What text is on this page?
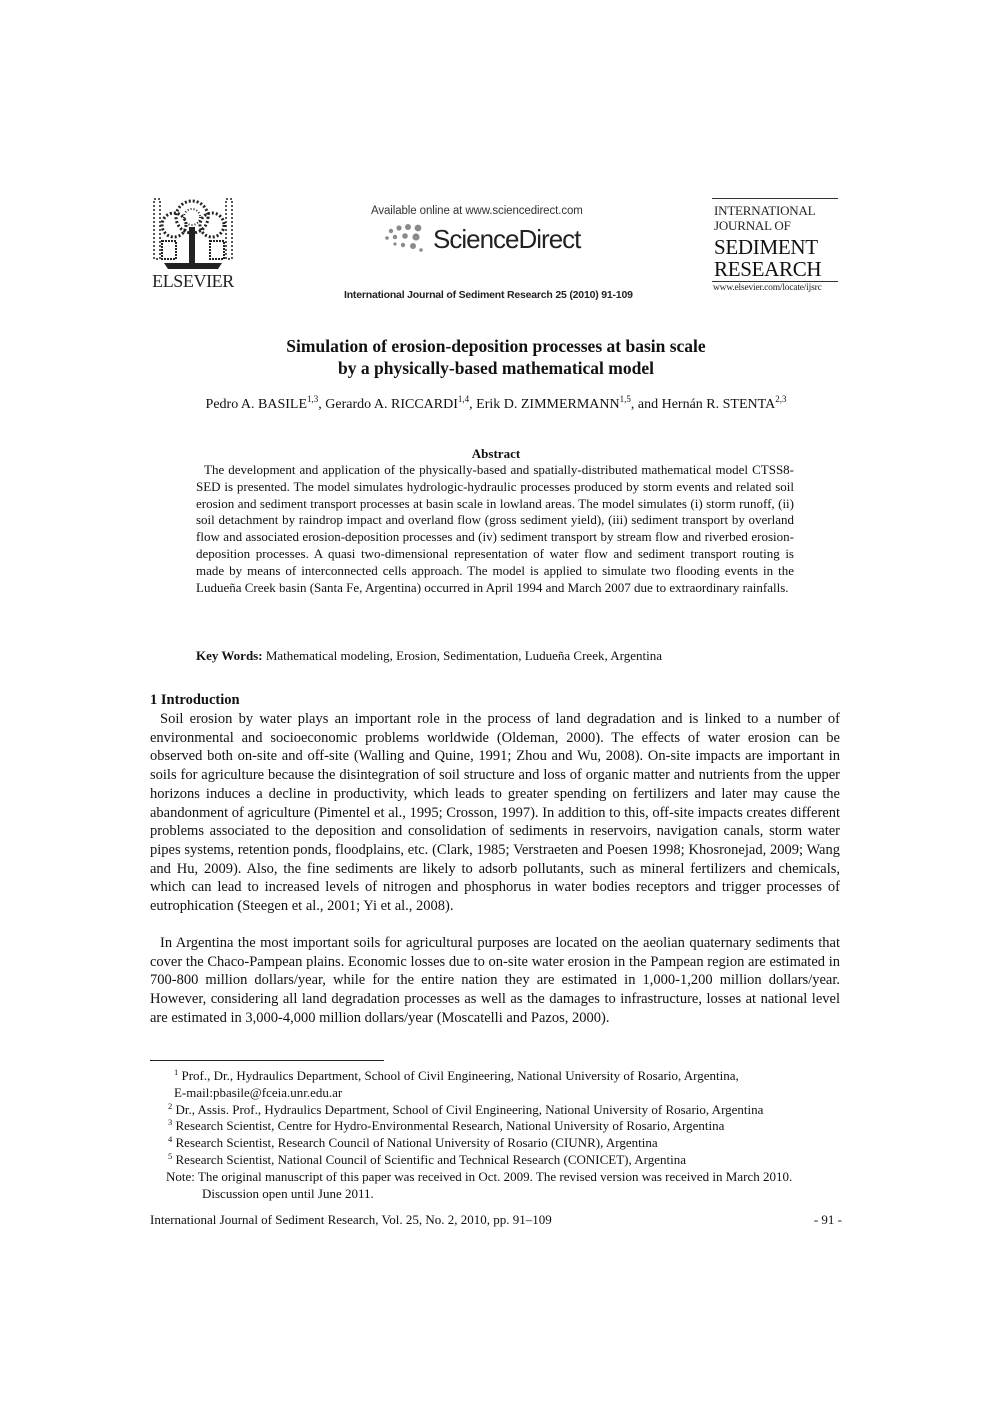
ELSEVIER
Available online at www.sciencedirect.com
ScienceDirect
International Journal of Sediment Research 25 (2010) 91-109
INTERNATIONAL
JOURNAL OF
SEDIMENT
RESEARCH
www.elsevier.com/locate/ijsrc
Simulation of erosion-deposition processes at basin scale
by a physically-based mathematical model
Pedro A. BASILE$^{1,3}$, Gerardo A. RICCARDI$^{1,4}$, Erik D. ZIMMERMANN$^{1,5}$, and Hernán R. STENTA$^{2,3}$
Abstract

The development and application of the physically-based and spatially-distributed mathematical model CTSS8-SED is presented. The model simulates hydrologic-hydraulic processes produced by storm events and related soil erosion and sediment transport processes at basin scale in lowland areas. The model simulates (i) storm runoff, (ii) soil detachment by raindrop impact and overland flow (gross sediment yield), (iii) sediment transport by overland flow and associated erosion-deposition processes and (iv) sediment transport by stream flow and riverbed erosion-deposition processes. A quasi two-dimensional representation of water flow and sediment transport routing is made by means of interconnected cells approach. The model is applied to simulate two flooding events in the Ludueña Creek basin (Santa Fe, Argentina) occurred in April 1994 and March 2007 due to extraordinary rainfalls.

Key Words: Mathematical modeling, Erosion, Sedimentation, Ludueña Creek, Argentina
1 Introduction

Soil erosion by water plays an important role in the process of land degradation and is linked to a number of environmental and socioeconomic problems worldwide (Oldeman, 2000). The effects of water erosion can be observed both on-site and off-site (Walling and Quine, 1991; Zhou and Wu, 2008). On-site impacts are important in soils for agriculture because the disintegration of soil structure and loss of organic matter and nutrients from the upper horizons induces a decline in productivity, which leads to greater spending on fertilizers and later may cause the abandonment of agriculture (Pimentel et al., 1995; Crosson, 1997). In addition to this, off-site impacts creates different problems associated to the deposition and consolidation of sediments in reservoirs, navigation canals, storm water pipes systems, retention ponds, floodplains, etc. (Clark, 1985; Verstraeten and Poesen 1998; Khosronejad, 2009; Wang and Hu, 2009). Also, the fine sediments are likely to adsorb pollutants, such as mineral fertilizers and chemicals, which can lead to increased levels of nitrogen and phosphorus in water bodies receptors and trigger processes of eutrophication (Steegen et al., 2001; Yi et al., 2008).

In Argentina the most important soils for agricultural purposes are located on the aeolian quaternary sediments that cover the Chaco-Pampean plains. Economic losses due to on-site water erosion in the Pampean region are estimated in 700-800 million dollars/year, while for the entire nation they are estimated in 1,000-1,200 million dollars/year. However, considering all land degradation processes as well as the damages to infrastructure, losses at national level are estimated in 3,000-4,000 million dollars/year (Moscatelli and Pazos, 2000).

$^1$ Prof., Dr., Hydraulics Department, School of Civil Engineering, National University of Rosario, Argentina,
E-mail:pbasile@fceia.unr.edu.ar

$^2$ Dr., Assis. Prof., Hydraulics Department, School of Civil Engineering, National University of Rosario, Argentina

$^3$ Research Scientist, Centre for Hydro-Environmental Research, National University of Rosario, Argentina

$^4$ Research Scientist, Research Council of National University of Rosario (CIUNR), Argentina

$^5$ Research Scientist, National Council of Scientific and Technical Research (CONICET), Argentina

Note: The original manuscript of this paper was received in Oct. 2009. The revised version was received in March 2010. Discussion open until June 2011.

International Journal of Sediment Research, Vol. 25, No. 2, 2010, pp. 91–109	- 91 -
